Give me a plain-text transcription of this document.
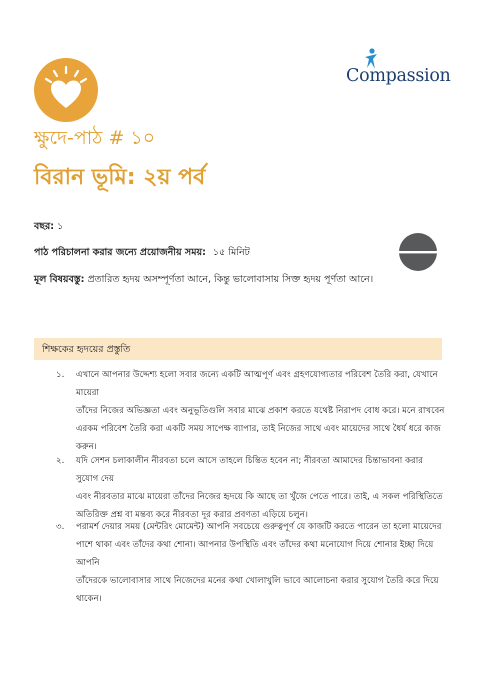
Compassion
ক্ষুদে-পাঠ # ১০
বিরান ভূমি: ২য় পর্ব
বছর: ১
পাঠ পরিচালনা করার জন্যে প্রয়োজনীয় সময়: ১৫ মিনিট
মূল বিষয়বস্তু: প্রতারিত হৃদয় অসম্পূর্ণতা আনে, কিন্তু ভালোবাসায় সিক্ত হৃদয় পূর্ণতা আনে।
শিক্ষকের হৃদয়ের প্রস্তুতি
১. এখানে আপনার উদ্দেশ্য হলো সবার জন্যে একটি আত্মপূর্ণ এবং গ্রহণযোগ্যতার পরিবেশ তৈরি করা, যেখানে মায়েরা
তাঁদের নিজের অভিজ্ঞতা এবং অনুভূতিগুলি সবার মাঝে প্রকাশ করতে যথেষ্ট নিরাপদ বোধ করে। মনে রাখবেন
এরকম পরিবেশ তৈরি করা একটি সময় সাপেক্ষ ব্যাপার, তাই নিজের সাথে এবং মায়েদের সাথে ধৈর্য ধরে কাজ
করুন।
২. যদি সেশন চলাকালীন নীরবতা চলে আসে তাহলে চিন্তিত হবেন না; নীরবতা আমাদের চিন্তাভাবনা করার সুযোগ দেয়
এবং নীরবতার মাঝে মায়েরা তাঁদের নিজের হৃদয়ে কি আছে তা খুঁজে পেতে পারে। তাই, এ সকল পরিস্থিতিতে
অতিরিক্ত প্রশ্ন বা মন্তব্য করে নীরবতা দূর করার প্রবণতা এড়িয়ে চলুন।
৩. পরামর্শ দেয়ার সময় (মেন্টরিং মোমেন্ট) আপনি সবচেয়ে গুরুত্বপূর্ণ যে কাজটি করতে পারেন তা হলো মায়েদের
পাশে থাকা এবং তাঁদের কথা শোনা। আপনার উপস্থিতি এবং তাঁদের কথা মনোযোগ দিয়ে শোনার ইচ্ছা দিয়ে আপনি
তাঁদেরকে ভালোবাসার সাথে নিজেদের মনের কথা খোলাখুলি ভাবে আলোচনা করার সুযোগ তৈরি করে দিয়ে
থাকেন।
